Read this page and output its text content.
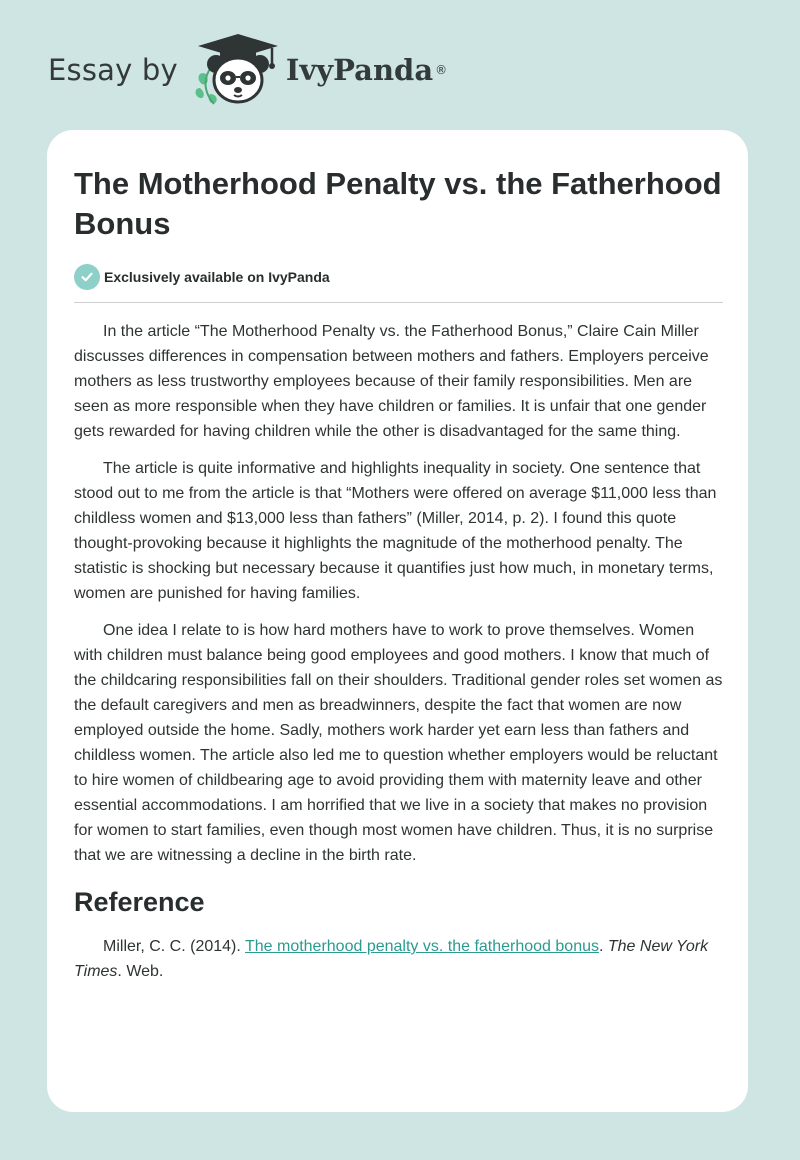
Essay by	IvyPanda ®
The Motherhood Penalty vs. the Fatherhood Bonus
Exclusively available on IvyPanda

In the article “The Motherhood Penalty vs. the Fatherhood Bonus,” Claire Cain Miller discusses differences in compensation between mothers and fathers. Employers perceive mothers as less trustworthy employees because of their family responsibilities. Men are seen as more responsible when they have children or families. It is unfair that one gender gets rewarded for having children while the other is disadvantaged for the same thing.

The article is quite informative and highlights inequality in society. One sentence that stood out to me from the article is that “Mothers were offered on average $11,000 less than childless women and $13,000 less than fathers” (Miller, 2014, p. 2). I found this quote thought-provoking because it highlights the magnitude of the motherhood penalty. The statistic is shocking but necessary because it quantifies just how much, in monetary terms, women are punished for having families.

One idea I relate to is how hard mothers have to work to prove themselves. Women with children must balance being good employees and good mothers. I know that much of the childcaring responsibilities fall on their shoulders. Traditional gender roles set women as the default caregivers and men as breadwinners, despite the fact that women are now employed outside the home. Sadly, mothers work harder yet earn less than fathers and childless women. The article also led me to question whether employers would be reluctant to hire women of childbearing age to avoid providing them with maternity leave and other essential accommodations. I am horrified that we live in a society that makes no provision for women to start families, even though most women have children. Thus, it is no surprise that we are witnessing a decline in the birth rate.

Reference

Miller, C. C. (2014). The motherhood penalty vs. the fatherhood bonus. The New York Times. Web.
